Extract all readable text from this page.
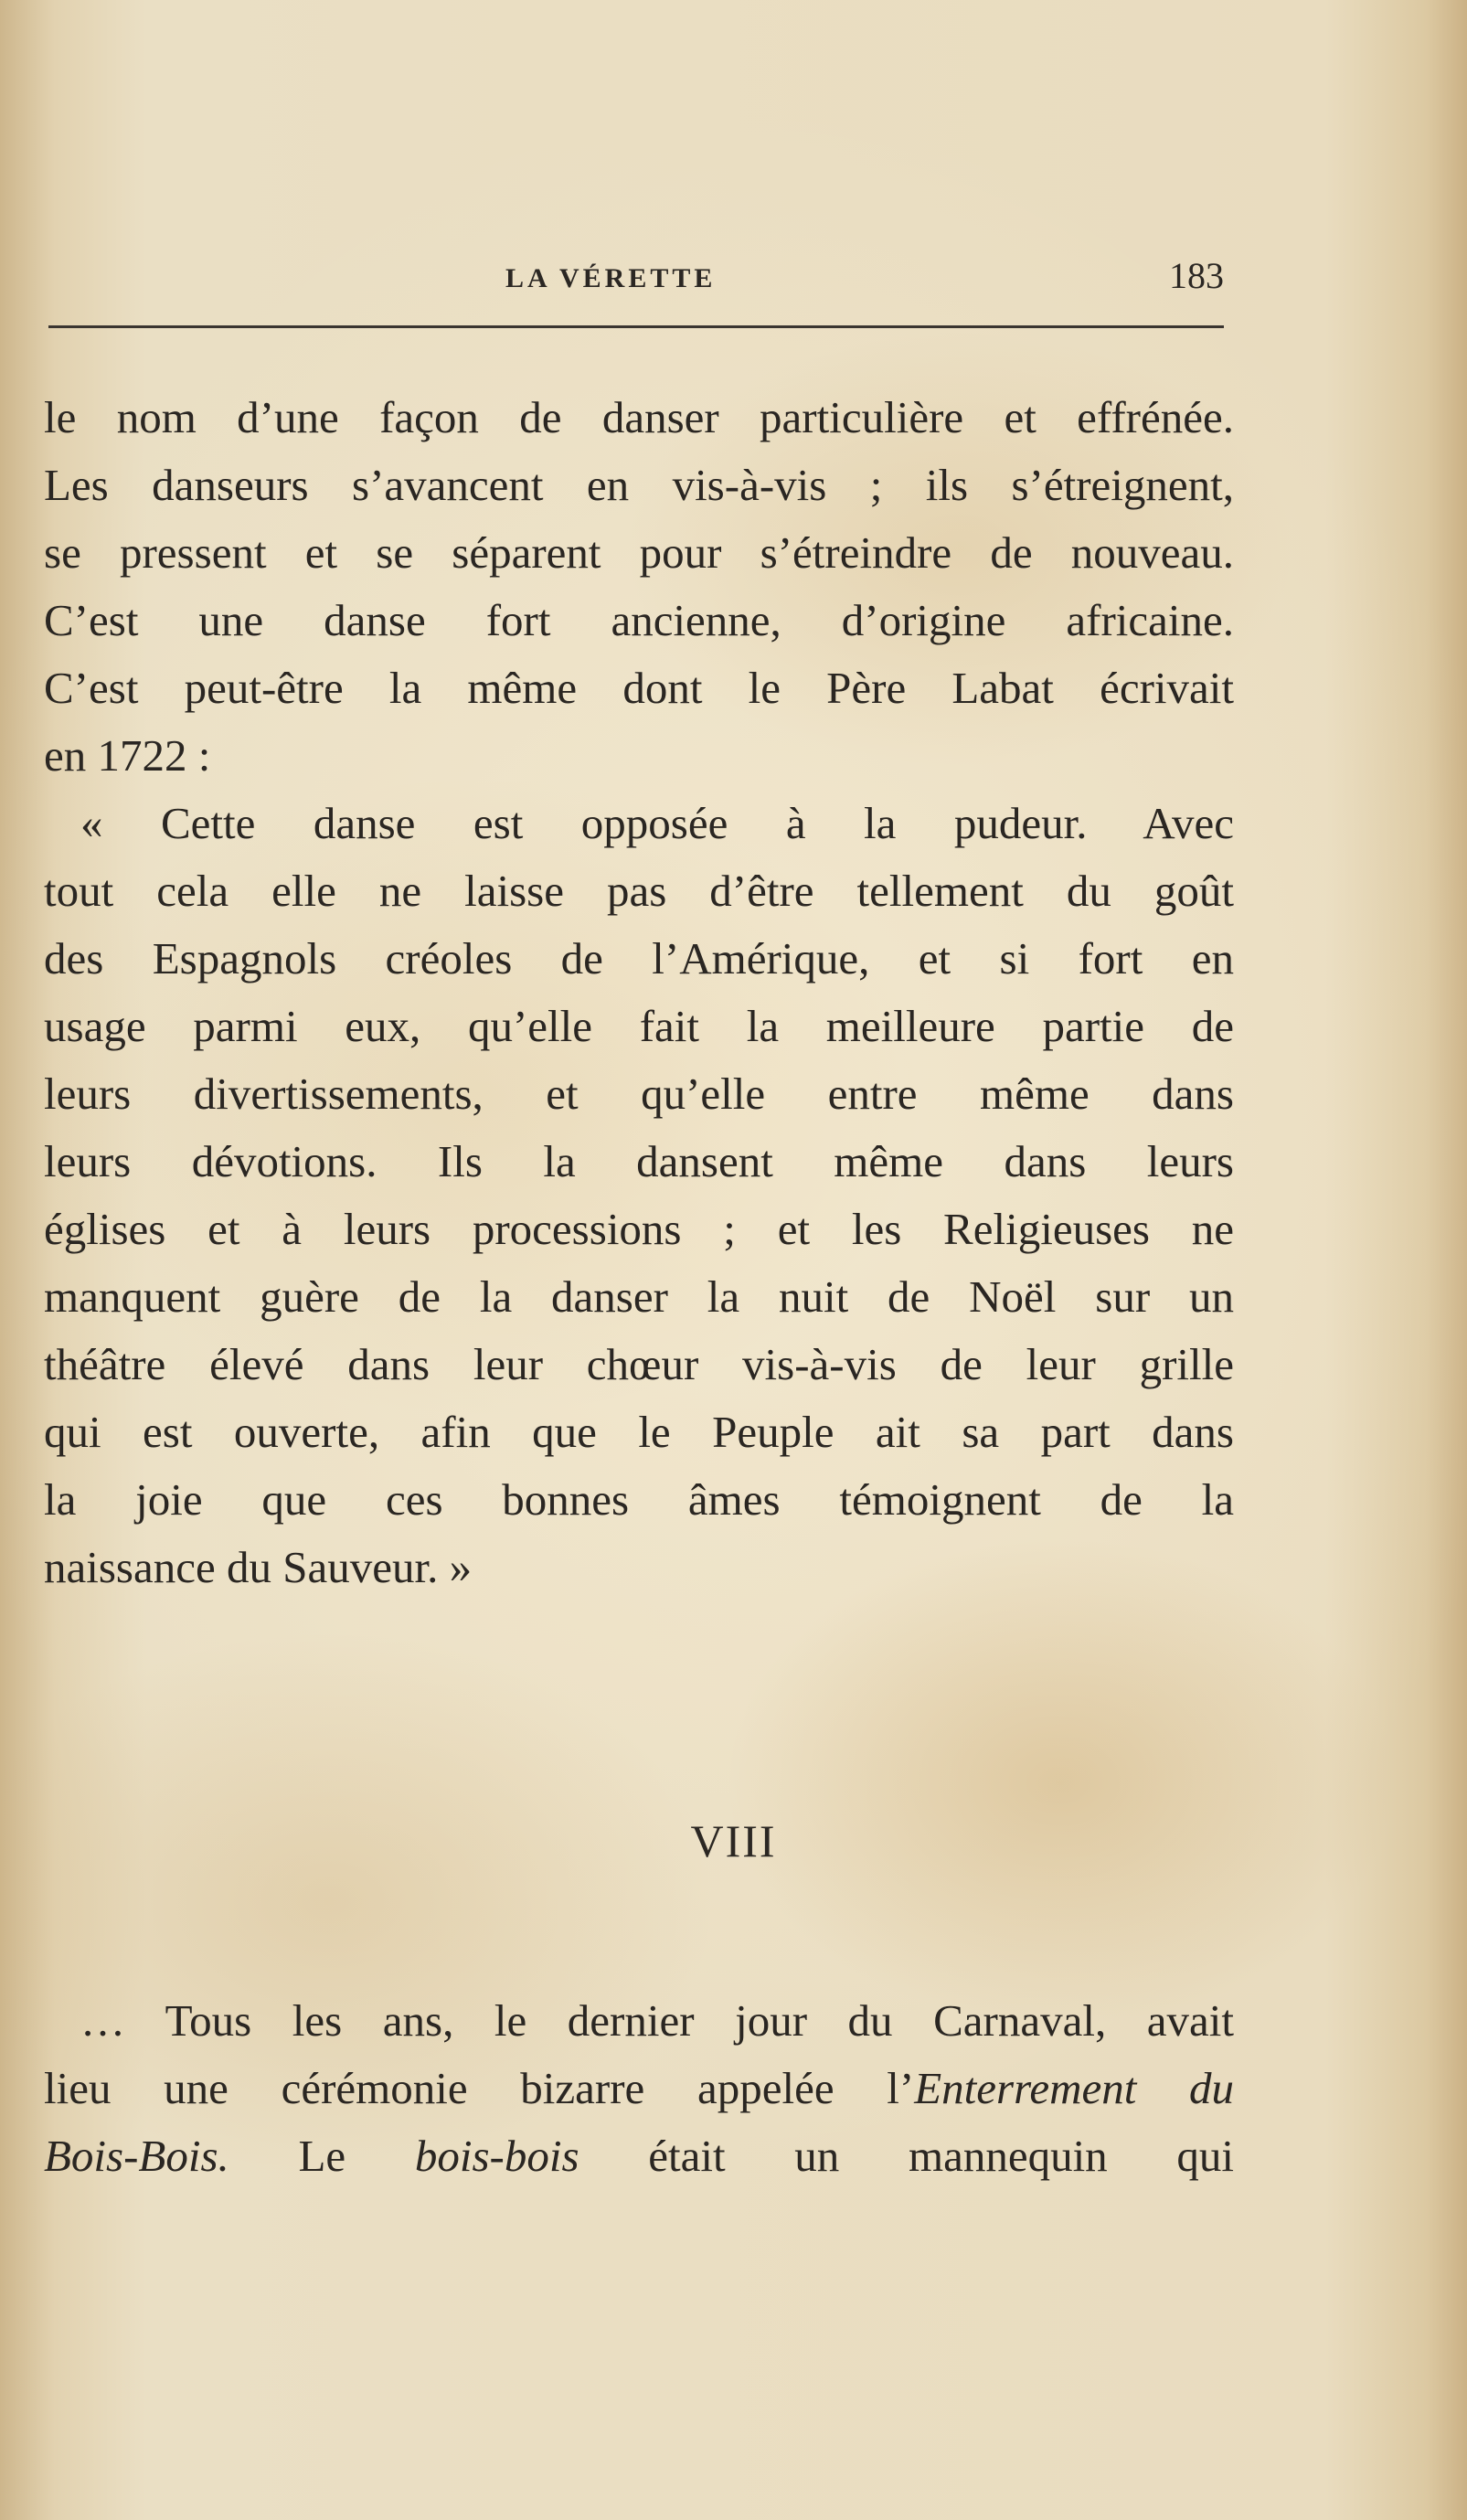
LA VÉRETTE	183
le nom d’une façon de danser particulière et effrénée.
Les danseurs s’avancent en vis-à-vis ; ils s’étreignent,
se pressent et se séparent pour s’étreindre de nouveau.
C’est une danse fort ancienne, d’origine africaine.
C’est peut-être la même dont le Père Labat écrivait
en 1722 :
« Cette danse est opposée à la pudeur. Avec
tout cela elle ne laisse pas d’être tellement du goût
des Espagnols créoles de l’Amérique, et si fort en
usage parmi eux, qu’elle fait la meilleure partie de
leurs divertissements, et qu’elle entre même dans
leurs dévotions. Ils la dansent même dans leurs
églises et à leurs processions ; et les Religieuses ne
manquent guère de la danser la nuit de Noël sur un
théâtre élevé dans leur chœur vis-à-vis de leur grille
qui est ouverte, afin que le Peuple ait sa part dans
la joie que ces bonnes âmes témoignent de la
naissance du Sauveur. »
VIII
… Tous les ans, le dernier jour du Carnaval, avait
lieu une cérémonie bizarre appelée l’Enterrement du
Bois-Bois. Le bois-bois était un mannequin qui
